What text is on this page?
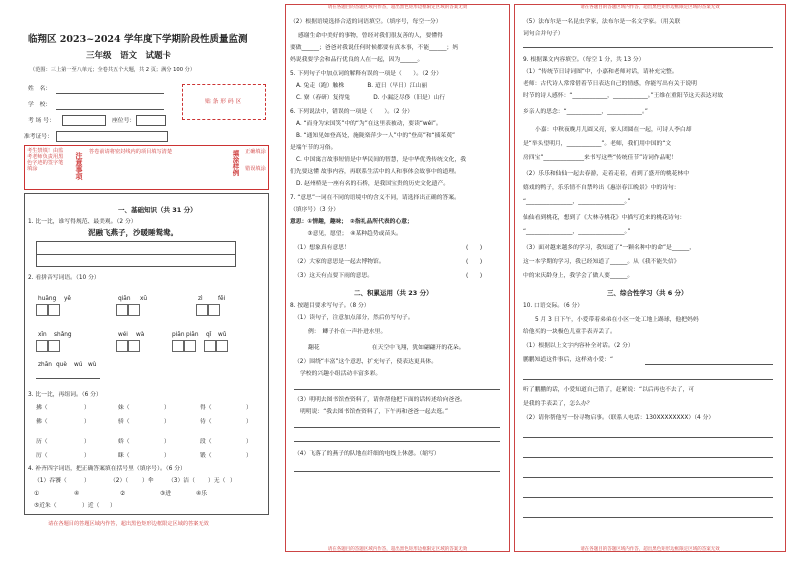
临翔区 2023~2024 学年度下学期阶段性质量监测
三年级　语文　试题卡
（范围：三上第一至八单元；全卷共五个大题，共 2 页；满分 100 分）
姓　名：
学　校：
考 场 号：	座位号：
准考证号：
贴 条 形 码 区
考生禁填！由监考老师负责用黑色字迹的签字笔填涂	注意事项 答卷前请将密封线内的项目填写清楚	填涂样例 正确填涂
错误填涂
一、基础知识（共 31 分）
1. 比一比，谁写得规范、最美观。（2 分）
泥融飞燕子，沙暖睡鸳鸯。
2. 看拼音写词语。（10 分）
huāng yě	qiān xū	zì	fēi
xīn shǎng	wéi wà	piān piān qǐ wǔ
zhān què wú wù
3. 比一比，再组词。（6 分）
拂（	）	妹（	）	得（	）
佛（	）	骄（	）	待（	）
历（	）	娇（	）	段（	）
厉（	）	眯（	）	锻（	）
4. 补齐四字词语，把正确答案填在括号里（填序号）。（6 分）
（1）吞饕（	）	（2）（ ）伞 （3）洁（ ）无（ ）
①　　　　　　④	②	③进　	④乐
⑤近朱（	）近（ ）
请在各题目的答题区域内作答，超出黑色矩形边框限定区域的答案无效
请在各题目的答题区域内作答，超出黑色矩形边框限定区域的答案无效
（2）根据语境选择合适的词语填空。（填序号，每空一分）
感谢生命中美好的事物，曾经对我们很友善的人，要懂得
要做______；爸爸对我说任何时候都要有真本事，不能______；妈
妈说我要学会和品行优良的人在一起，因为______。
5. 下列句子中加点词的解释有误的一项是（　　）。（2 分）
A. 兔走（跑）触株　　　　B. 迢日（早日）江山丽
C. 寮（舂研）复得兔　　　　D. 小漏泛尽侈（旧是）山行
6. 下列说法中，错误的一项是（　　）。（2 分）
A. “而身为宋国笑”中的“为”在这里表被动，要读“wéi”。
B. “通知见如登高处，施陇楽萍少一人”中的“登高”和“插茱萸”
是端午节的习俗。
C. 中国寓言故事短情是中华民间的智慧，是中华优秀传统文化，我
们先要这懂 故事内容，再联系生活中的人和事体会故事中的道理。
D. 赵州桥是一座有名的石桥，是我国宝贵的历史文化遗产。
7. “意思”一词在不同的语境中的含义不同，请选择出正确的答案。
（填序号）（3 分）
意思：①情趣，趣味；　②指礼品所代表的心意；
　　　③意见，愿望；　④某种趋势或苗头。
（1）想象真有意思！	(　　)
（2）大家的意思是一起去博物馆。	(　　)
（3）这天有点要下雨的意思。	(　　)
二、积累运用（共 23 分）
8. 按题目要求写句子。（8 分）
（1）读句子，注意加点部分，然后仿写句子。
例：　鲫子扑在一声扑进水里。
翻花　　　　　　　　　在天空中飞翔，犹如翩翩开的花朵。
（2）围绕“丰富”这个意思，扩充句子，使表达更具体。
学校的兴趣小组活动丰富多彩。
（3）明明去图书馆查资料了，请你帮他把下面的话转述给向爸爸。
明明说：“我去图书馆查资料了，下午再和爸爸一起去逛。”
（4）飞落了的燕子的队地在纤细的电线上休憩。（缩写）
请在各题目的答题区域内作答，超出黑色矩形边框限定区域的答案无效
请在各题目的答题区域内作答，超出黑色矩形边框限定区域的答案无效
（5）法布尔是一名昆虫学家，法布尔是一名文学家。（用关联
词句合并句子）
9. 根据课文内容填空。（每空 1 分，共 13 分）
（1）“传统节日诗词图”中，小嘉和老师对话，请补充完整。
老师：古代诗人常常借着节日表达自己的情感，你能写出有关于说明
时节的诗人感怀：“____________，____________。”王维在重阳节这天表达对故
乡亲人的思念：“____________，____________。”
小嘉：中秋夜晚月儿圆又亮，家人团圆在一起，可诗人李白却
是“举头望明月，____________”。老师，我们用中国的“文
房四宝”______________来书写这些“传统佳节”诗词作品呢！
（2）乐乐和仙仙一起去春游，走着走着，看到了盛开的桃花林中
嬉戏的鸭子，乐乐情不自禁吟出《惠崇春江晚景》中的诗句：
“________________，________________。”
仙仙看到桃花，想到了《大林寺桃花》中描写近来的桃花诗句：
“________________，________________。”
（3）面对越来越多的学习，我知道了“一颗名种中的命”是______，
这一本学期的学习，我已经知道了______。从《我不能失信》
中的宋庆龄身上，我学会了做人要______。
三、综合性学习（共 6 分）
10. 口语交际。（6 分）
5 月 3 日下午，小爱带着弟弟在小区一处工地上踢球，他把妈妈
给他买的一块极色儿童手表弄丢了。
（1）根据以上文字内容补全对话。（2 分）
鹏鹏知道这件事后，这样劝小爱：“
听了鹏鹏的话，小爱知道自己错了，赶紧说：“以后再也不去了，可
是我的手表丢了，怎么办？
（2）请你帮他写一份寻物启事。（联系人电话：130XXXXXXXX）（4 分）
请在各题目的答题区域内作答，超出黑色矩形边框限定区域的答案无效
